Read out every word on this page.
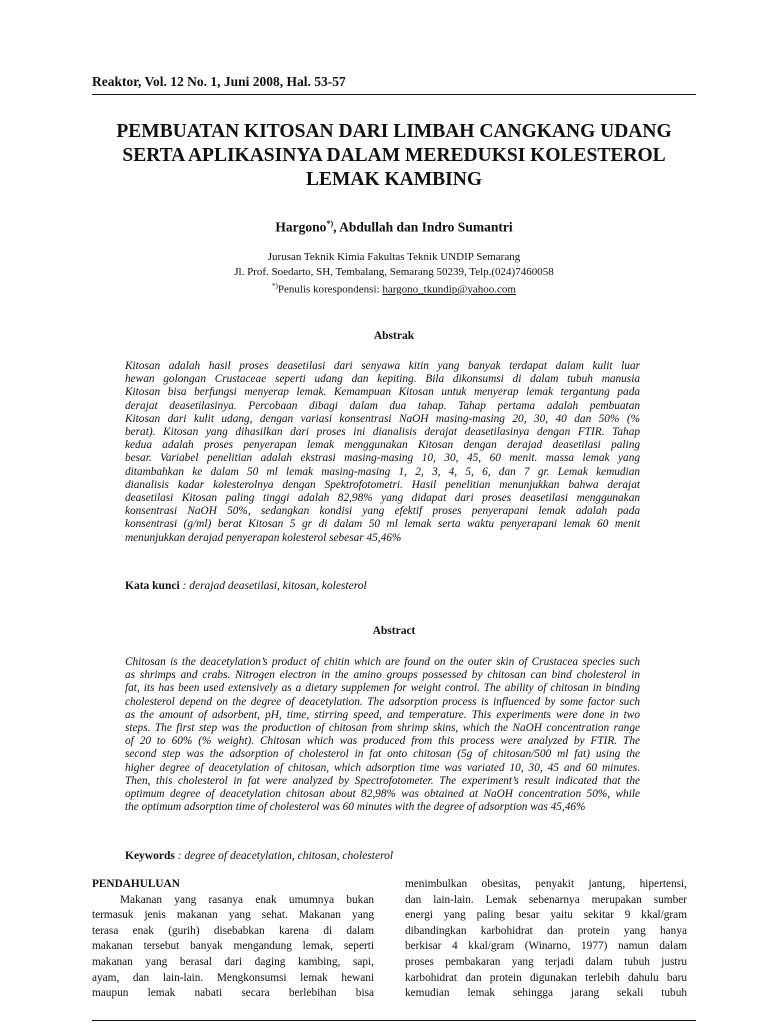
Reaktor, Vol. 12 No. 1, Juni 2008, Hal. 53-57
PEMBUATAN KITOSAN DARI LIMBAH CANGKANG UDANG
SERTA APLIKASINYA DALAM MEREDUKSI KOLESTEROL
LEMAK KAMBING
Hargono*), Abdullah dan Indro Sumantri
Jurusan Teknik Kimia Fakultas Teknik UNDIP Semarang
Jl. Prof. Soedarto, SH, Tembalang, Semarang 50239, Telp.(024)7460058
*)Penulis korespondensi: hargono_tkundip@yahoo.com
Abstrak
Kitosan adalah hasil proses deasetilasi dari senyawa kitin yang banyak terdapat dalam kulit luar
hewan golongan Crustaceae seperti udang dan kepiting. Bila dikonsumsi di dalam tubuh manusia
Kitosan bisa berfungsi menyerap lemak. Kemampuan Kitosan untuk menyerap lemak tergantung pada
derajat deasetilasinya. Percobaan dibagi dalam dua tahap. Tahap pertama adalah pembuatan
Kitosan dari kulit udang, dengan variasi konsentrasi NaOH masing-masing 20, 30, 40 dan 50% (%
berat). Kitosan yang dihasilkan dari proses ini dianalisis derajat deasetilasinya dengan FTIR. Tahap
kedua adalah proses penyerapan lemak menggunakan Kitosan dengan derajad deasetilasi paling
besar. Variabel penelitian adalah ekstrasi masing-masing 10, 30, 45, 60 menit. massa lemak yang
ditambahkan ke dalam 50 ml lemak masing-masing 1, 2, 3, 4, 5, 6, dan 7 gr. Lemak kemudian
dianalisis kadar kolesterolnya dengan Spektrofotometri. Hasil penelitian menunjukkan bahwa derajat
deasetilasi Kitosan paling tinggi adalah 82,98% yang didapat dari proses deasetilasi menggunakan
konsentrasi NaOH 50%, sedangkan kondisi yang efektif proses penyerapani lemak adalah pada
konsentrasi (g/ml) berat Kitosan 5 gr di dalam 50 ml lemak serta waktu penyerapani lemak 60 menit
menunjukkan derajad penyerapan kolesterol sebesar 45,46%
Kata kunci : derajad deasetilasi, kitosan, kolesterol
Abstract
Chitosan is the deacetylation’s product of chitin which are found on the outer skin of Crustacea species such
as shrimps and crabs. Nitrogen electron in the amino groups possessed by chitosan can bind cholesterol in
fat, its has been used extensively as a dietary supplemen for weight control. The ability of chitosan in binding
cholesterol depend on the degree of deacetylation. The adsorption process is influenced by some factor such
as the amount of adsorbent, pH, time, stirring speed, and temperature. This experiments were done in two
steps. The first step was the production of chitosan from shrimp skins, which the NaOH concentration range
of 20 to 60% (% weight). Chitosan which was produced from this process were analyzed by FTIR. The
second step was the adsorption of cholesterol in fat onto chitosan (5g of chitosan/500 ml fat) using the
higher degree of deacetylation of chitosan, which adsorption time was variated 10, 30, 45 and 60 minutes.
Then, this cholesterol in fat were analyzed by Spectrofotometer. The experiment’s result indicated that the
optimum degree of deacetylation chitosan about 82,98% was obtained at NaOH concentration 50%, while
the optimum adsorption time of cholesterol was 60 minutes with the degree of adsorption was 45,46%
Keywords : degree of deacetylation, chitosan, cholesterol
PENDAHULUAN
Makanan yang rasanya enak umumnya bukan
termasuk jenis makanan yang sehat. Makanan yang
terasa enak (gurih) disebabkan karena di dalam
makanan tersebut banyak mengandung lemak, seperti
makanan yang berasal dari daging kambing, sapi,
ayam, dan lain-lain. Mengkonsumsi lemak hewani
maupun lemak nabati secara berlebihan bisa
menimbulkan obesitas, penyakit jantung, hipertensi,
dan lain-lain. Lemak sebenarnya merupakan sumber
energi yang paling besar yaitu sekitar 9 kkal/gram
dibandingkan karbohidrat dan protein yang hanya
berkisar 4 kkal/gram (Winarno, 1977) namun dalam
proses pembakaran yang terjadi dalam tubuh justru
karbohidrat dan protein digunakan terlebih dahulu baru
kemudian lemak sehingga jarang sekali tubuh
